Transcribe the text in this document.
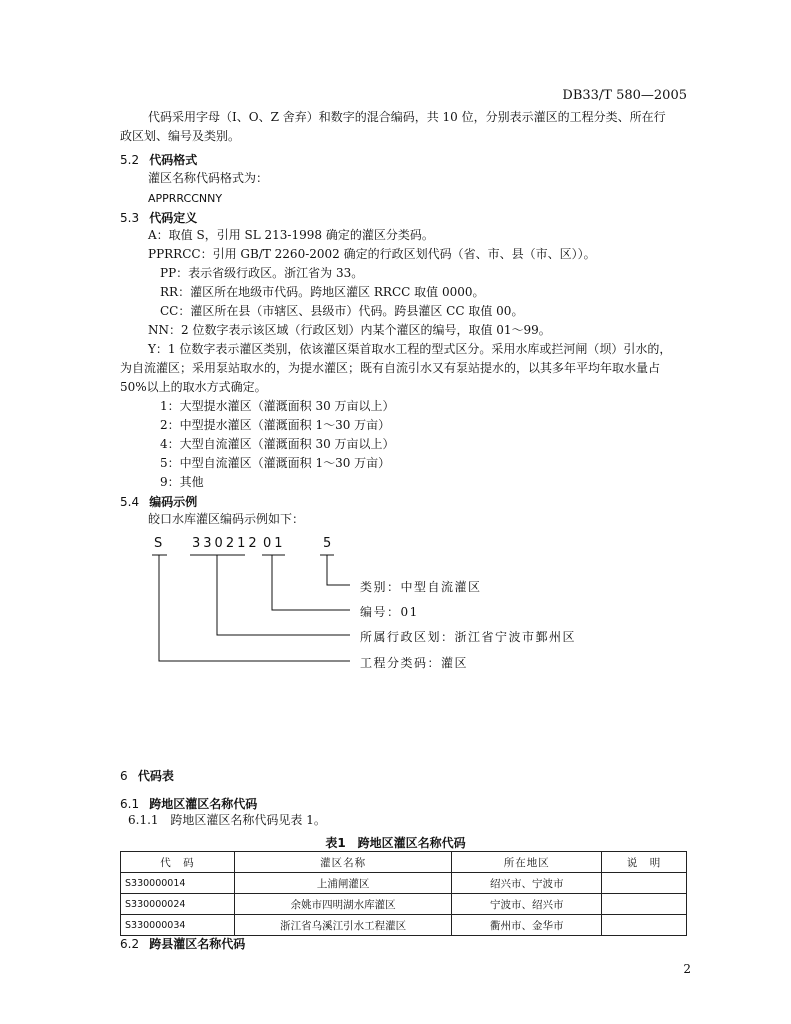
DB33/T 580—2005
代码采用字母（I、O、Z 舍弃）和数字的混合编码，共 10 位，分别表示灌区的工程分类、所在行
政区划、编号及类别。
5.2 代码格式
灌区名称代码格式为：
APPRRCCNNY
5.3 代码定义
A：取值 S，引用 SL 213-1998 确定的灌区分类码。
PPRRCC：引用 GB/T 2260-2002 确定的行政区划代码（省、市、县（市、区））。
PP：表示省级行政区。浙江省为 33。
RR：灌区所在地级市代码。跨地区灌区 RRCC 取值 0000。
CC：灌区所在县（市辖区、县级市）代码。跨县灌区 CC 取值 00。
NN：2 位数字表示该区域（行政区划）内某个灌区的编号，取值 01～99。
Y：1 位数字表示灌区类别，依该灌区渠首取水工程的型式区分。采用水库或拦河闸（坝）引水的，
为自流灌区；采用泵站取水的，为提水灌区；既有自流引水又有泵站提水的，以其多年平均年取水量占
50%以上的取水方式确定。
1：大型提水灌区（灌溉面积 30 万亩以上）
2：中型提水灌区（灌溉面积 1～30 万亩）
4：大型自流灌区（灌溉面积 30 万亩以上）
5：中型自流灌区（灌溉面积 1～30 万亩）
9：其他
5.4 编码示例
皎口水库灌区编码示例如下：
S 330212 01	5
类别：中型自流灌区
编号：01
所属行政区划：浙江省宁波市鄞州区
工程分类码：灌区
6 代码表
6.1 跨地区灌区名称代码
6.1.1 跨地区灌区名称代码见表 1。
表1　跨地区灌区名称代码
代　码	灌区名称	所在地区	说　明
S330000014	上浦闸灌区	绍兴市、宁波市	
S330000024	余姚市四明湖水库灌区	宁波市、绍兴市	
S330000034	浙江省乌溪江引水工程灌区	衢州市、金华市	
6.2 跨县灌区名称代码
2
